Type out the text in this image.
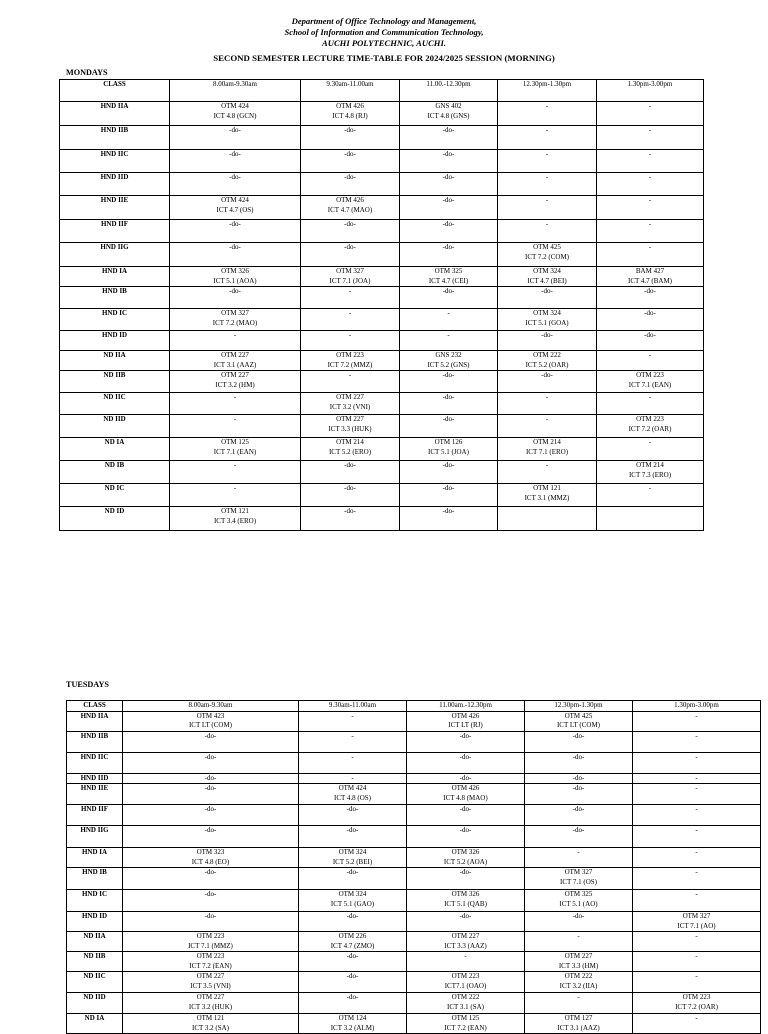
Department of Office Technology and Management,
School of Information and Communication Technology,
AUCHI POLYTECHNIC, AUCHI.
SECOND SEMESTER LECTURE TIME-TABLE FOR 2024/2025 SESSION (MORNING)
MONDAYS
CLASS	8.00am-9.30am	9.30am-11.00am	11.00.-12.30pm	12.30pm-1.30pm	1.30pm-3.00pm

HND IIA	OTM 424
ICT 4.8 (GCN)	OTM 426
ICT 4.8 (RJ)	GNS 402
ICT 4.8 (GNS)	-	-

HND IIB	-do-	-do-	-do-	-	-

HND IIC	-do-	-do-	-do-	-	-

HND IID	-do-	-do-	-do-	-	-

HND IIE	OTM 424
ICT 4.7 (OS)	OTM 426
ICT 4.7 (MAO)	-do-	-	-

HND IIF	-do-	-do-	-do-	-	-

HND IIG	-do-	-do-	-do-	OTM 425
ICT 7.2 (COM)	-

HND IA	OTM 326
ICT 5.1 (AOA)	OTM 327
ICT 7.1 (JOA)	OTM 325
ICT 4.7 (CEI)	OTM 324
ICT 4.7 (BEI)	BAM 427
ICT 4.7 (BAM)

HND IB	-do-	-	-do-	-do-	-do-

HND IC	OTM 327
ICT 7.2 (MAO)	-	-	OTM 324
ICT 5.1 (GOA)	-do-

HND ID	-	-	-	-do-	-do-

ND IIA	OTM 227
ICT 3.1 (AAZ)	OTM 223
ICT 7.2 (MMZ)	GNS 232
ICT 5.2 (GNS)	OTM 222
ICT 5.2 (OAR)	-

ND IIB	OTM 227
ICT 3.2 (HM)	-	-do-	-do-	OTM 223
ICT 7.1 (EAN)

ND IIC	-	OTM 227
ICT 3.2 (VNI)	-do-	-	-

ND IID	-	OTM 227
ICT 3.3 (HUK)	-do-	-	OTM 223
ICT 7.2 (OAR)

ND IA	OTM 125
ICT 7.1 (EAN)	OTM 214
ICT 5.2 (ERO)	OTM 126
ICT 5.1 (JOA)	OTM 214
ICT 7.1 (ERO)	-

ND IB	-	-do-	-do-	-	OTM 214
ICT 7.3 (ERO)

ND IC	-	-do-	-do-	OTM 121
ICT 3.1 (MMZ)	-

ND ID	OTM 121
ICT 3.4 (ERO)	-do-	-do-		

TUESDAYS
CLASS	8.00am-9.30am	9.30am-11.00am	11.00am.-12.30pm	12.30pm-1.30pm	1.30pm-3.00pm

HND IIA	OTM 423
ICT LT (COM)	-	OTM 426
ICT LT (RJ)	OTM 425
ICT LT (COM)	-

HND IIB	-do-	-	-do-	-do-	-

HND IIC	-do-	-	-do-	-do-	-

HND IID	-do-	-	-do-	-do-	-

HND IIE	-do-	OTM 424
ICT 4.8 (OS)	OTM 426
ICT 4.8 (MAO)	-do-	-

HND IIF	-do-	-do-	-do-	-do-	-

HND IIG	-do-	-do-	-do-	-do-	-

HND IA	OTM 323
ICT 4.8 (EO)	OTM 324
ICT 5.2 (BEI)	OTM 326
ICT 5.2 (AOA)	-	-

HND IB	-do-	-do-	-do-	OTM 327
ICT 7.1 (OS)	-

HND IC	-do-	OTM 324
ICT 5.1 (GAO)	OTM 326
ICT 5.1 (QAB)	OTM 325
ICT 5.1 (AO)	-

HND ID	-do-	-do-	-do-	-do-	OTM 327
ICT 7.1 (AO)

ND IIA	OTM 223
ICT 7.1 (MMZ)	OTM 226
ICT 4.7 (ZMO)	OTM 227
ICT 3.3 (AAZ)	-	-

ND IIB	OTM 223
ICT 7.2 (EAN)	-do-	-	OTM 227
ICT 3.3 (HM)	-

ND IIC	OTM 227
ICT 3.5 (VNI)	-do-	OTM 223
ICT7.1 (OAO)	OTM 222
ICT 3.2 (IIA)	-

ND IID	OTM 227
ICT 3.2 (HUK)	-do-	OTM 222
ICT 3.1 (SA)	-	OTM 223
ICT 7.2 (OAR)

ND IA	OTM 121
ICT 3.2 (SA)	OTM 124
ICT 3.2 (ALM)	OTM 125
ICT 7.2 (EAN)	OTM 127
ICT 3.1 (AAZ)	-
